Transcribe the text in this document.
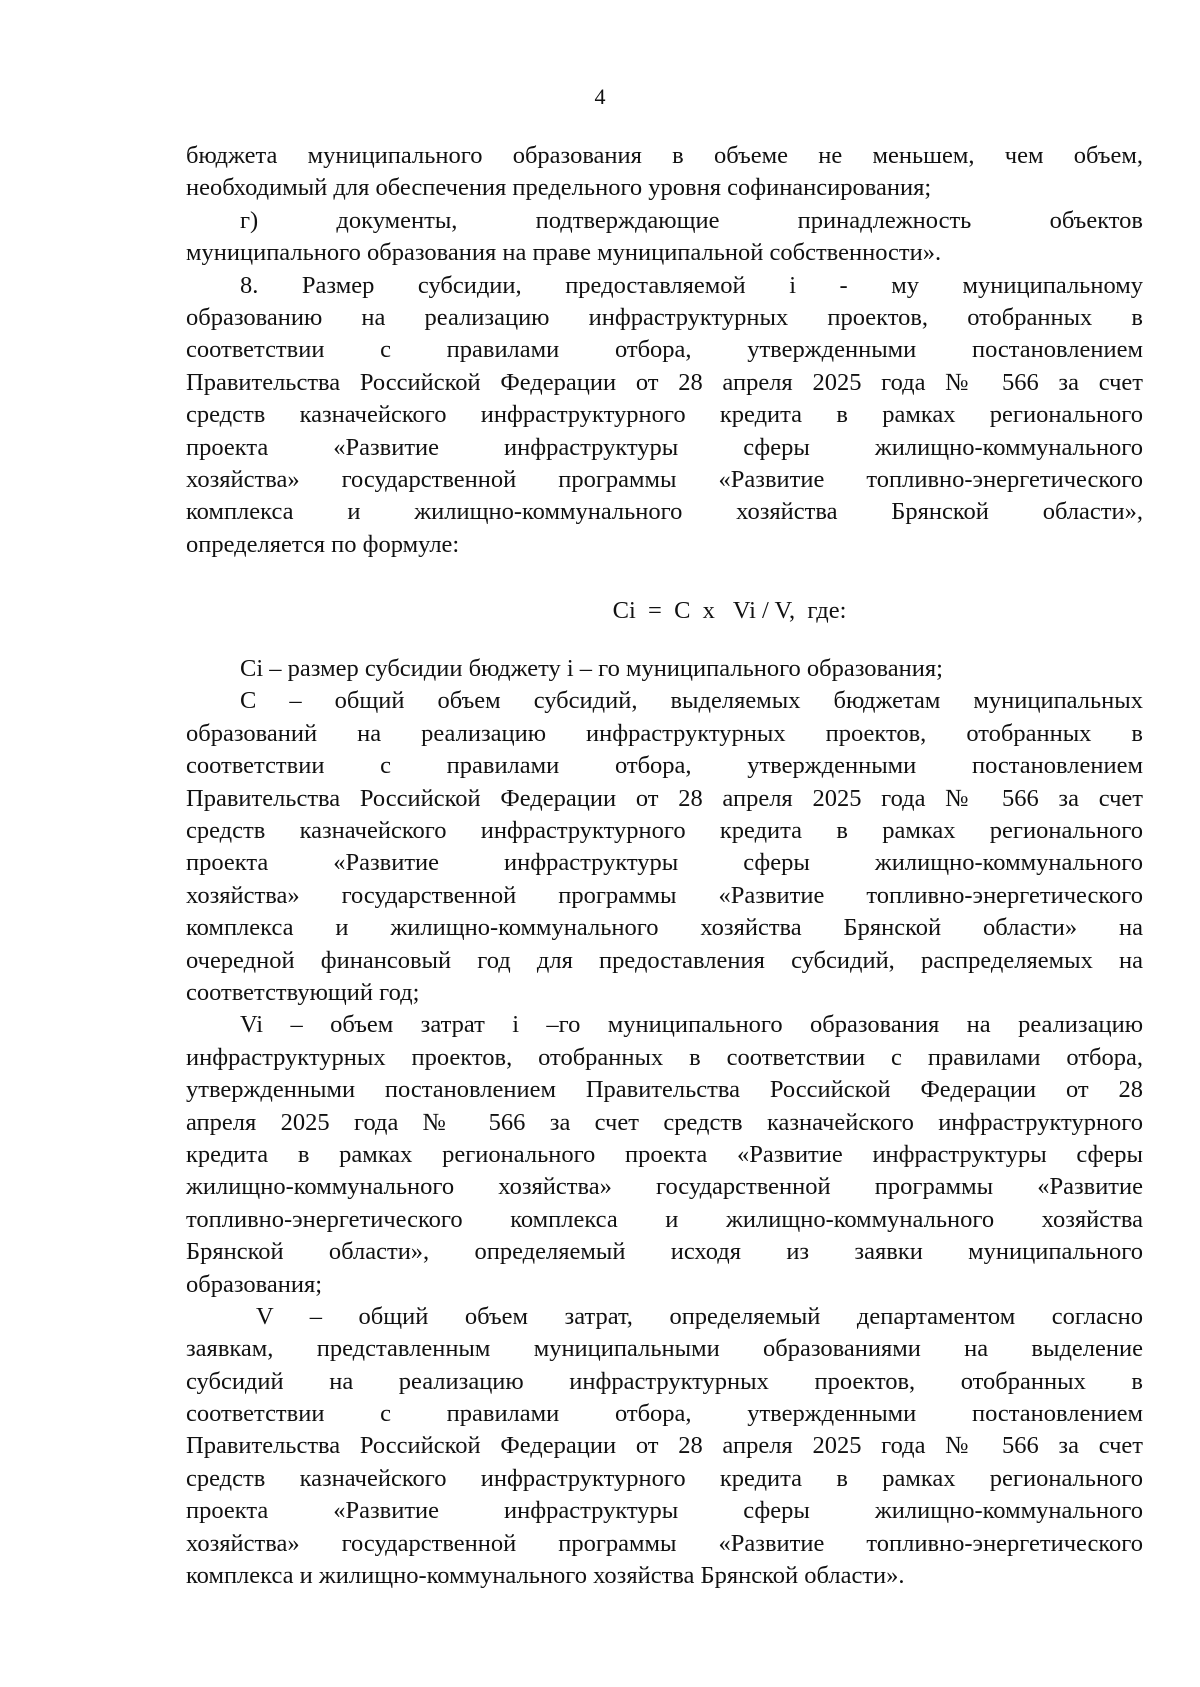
4
бюджета муниципального образования в объеме не меньшем, чем объем,
необходимый для обеспечения предельного уровня софинансирования;
г) документы, подтверждающие принадлежность объектов
муниципального образования на праве муниципальной собственности».
8. Размер субсидии, предоставляемой i - му муниципальному
образованию на реализацию инфраструктурных проектов, отобранных в
соответствии с правилами отбора, утвержденными постановлением
Правительства Российской Федерации от 28 апреля 2025 года № 566 за счет
средств казначейского инфраструктурного кредита в рамках регионального
проекта «Развитие инфраструктуры сферы жилищно-коммунального
хозяйства» государственной программы «Развитие топливно-энергетического
комплекса и жилищно-коммунального хозяйства Брянской области»,
определяется по формуле:
Ci  =  C  x   Vi / V,  где:
Ci – размер субсидии бюджету i – го муниципального образования;
С – общий объем субсидий, выделяемых бюджетам муниципальных
образований на реализацию инфраструктурных проектов, отобранных в
соответствии с правилами отбора, утвержденными постановлением
Правительства Российской Федерации от 28 апреля 2025 года № 566 за счет
средств казначейского инфраструктурного кредита в рамках регионального
проекта «Развитие инфраструктуры сферы жилищно-коммунального
хозяйства» государственной программы «Развитие топливно-энергетического
комплекса и жилищно-коммунального хозяйства Брянской области» на
очередной финансовый год для предоставления субсидий, распределяемых на
соответствующий год;
Vi – объем затрат i –го муниципального образования на реализацию
инфраструктурных проектов, отобранных в соответствии с правилами отбора,
утвержденными постановлением Правительства Российской Федерации от 28
апреля 2025 года № 566 за счет средств казначейского инфраструктурного
кредита в рамках регионального проекта «Развитие инфраструктуры сферы
жилищно-коммунального хозяйства» государственной программы «Развитие
топливно-энергетического комплекса и жилищно-коммунального хозяйства
Брянской области», определяемый исходя из заявки муниципального
образования;
V – общий объем затрат, определяемый департаментом согласно
заявкам, представленным муниципальными образованиями на выделение
субсидий на реализацию инфраструктурных проектов, отобранных в
соответствии с правилами отбора, утвержденными постановлением
Правительства Российской Федерации от 28 апреля 2025 года № 566 за счет
средств казначейского инфраструктурного кредита в рамках регионального
проекта «Развитие инфраструктуры сферы жилищно-коммунального
хозяйства» государственной программы «Развитие топливно-энергетического
комплекса и жилищно-коммунального хозяйства Брянской области».
